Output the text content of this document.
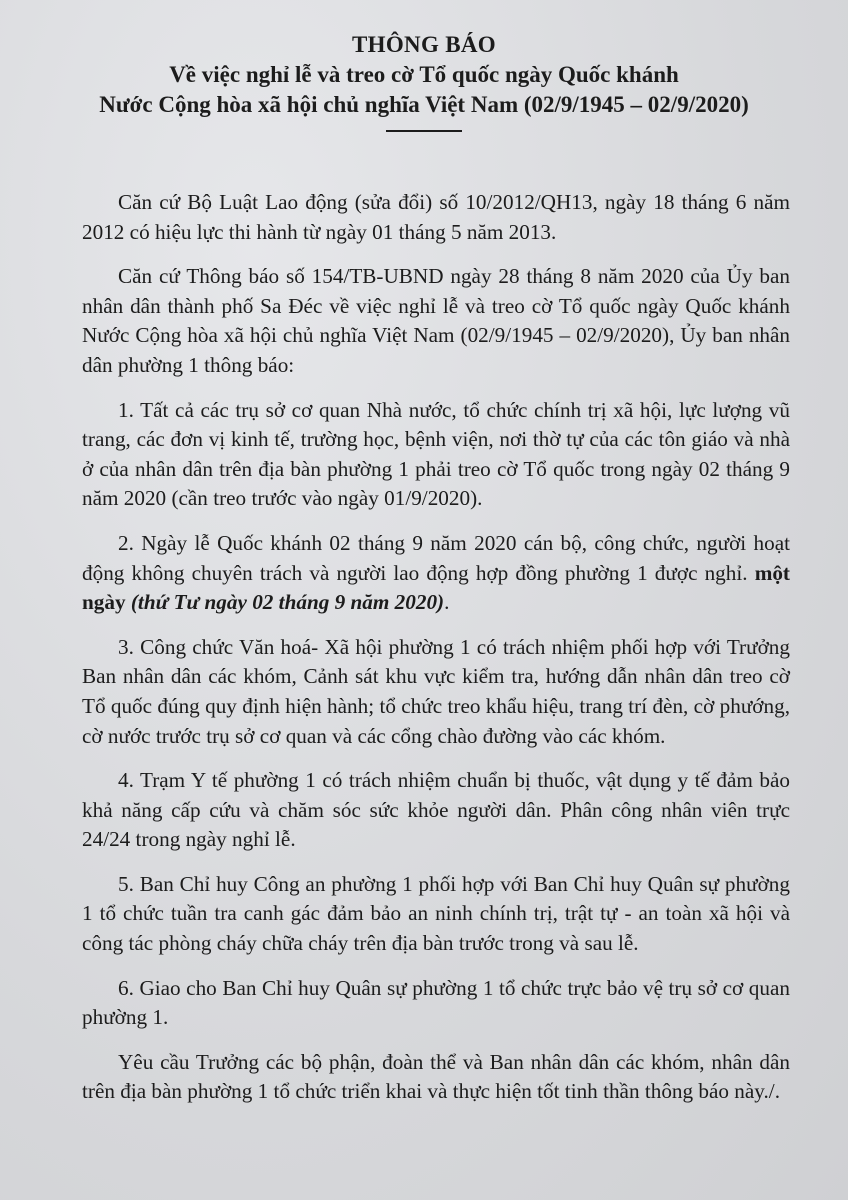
THÔNG BÁO
Về việc nghỉ lễ và treo cờ Tổ quốc ngày Quốc khánh
Nước Cộng hòa xã hội chủ nghĩa Việt Nam (02/9/1945 – 02/9/2020)

Căn cứ Bộ Luật Lao động (sửa đổi) số 10/2012/QH13, ngày 18 tháng 6 năm 2012 có hiệu lực thi hành từ ngày 01 tháng 5 năm 2013.

Căn cứ Thông báo số 154/TB-UBND ngày 28 tháng 8 năm 2020 của Ủy ban nhân dân thành phố Sa Đéc về việc nghỉ lễ và treo cờ Tổ quốc ngày Quốc khánh Nước Cộng hòa xã hội chủ nghĩa Việt Nam (02/9/1945 – 02/9/2020), Ủy ban nhân dân phường 1 thông báo:

1. Tất cả các trụ sở cơ quan Nhà nước, tổ chức chính trị xã hội, lực lượng vũ trang, các đơn vị kinh tế, trường học, bệnh viện, nơi thờ tự của các tôn giáo và nhà ở của nhân dân trên địa bàn phường 1 phải treo cờ Tổ quốc trong ngày 02 tháng 9 năm 2020 (cần treo trước vào ngày 01/9/2020).

2. Ngày lễ Quốc khánh 02 tháng 9 năm 2020 cán bộ, công chức, người hoạt động không chuyên trách và người lao động hợp đồng phường 1 được nghỉ. một ngày (thứ Tư ngày 02 tháng 9 năm 2020).

3. Công chức Văn hoá- Xã hội phường 1 có trách nhiệm phối hợp với Trưởng Ban nhân dân các khóm, Cảnh sát khu vực kiểm tra, hướng dẫn nhân dân treo cờ Tổ quốc đúng quy định hiện hành; tổ chức treo khẩu hiệu, trang trí đèn, cờ phướng, cờ nước trước trụ sở cơ quan và các cổng chào đường vào các khóm.

4. Trạm Y tế phường 1 có trách nhiệm chuẩn bị thuốc, vật dụng y tế đảm bảo khả năng cấp cứu và chăm sóc sức khỏe người dân. Phân công nhân viên trực 24/24 trong ngày nghỉ lễ.

5. Ban Chỉ huy Công an phường 1 phối hợp với Ban Chỉ huy Quân sự phường 1 tổ chức tuần tra canh gác đảm bảo an ninh chính trị, trật tự - an toàn xã hội và công tác phòng cháy chữa cháy trên địa bàn trước trong và sau lễ.

6. Giao cho Ban Chỉ huy Quân sự phường 1 tổ chức trực bảo vệ trụ sở cơ quan phường 1.

Yêu cầu Trưởng các bộ phận, đoàn thể và Ban nhân dân các khóm, nhân dân trên địa bàn phường 1 tổ chức triển khai và thực hiện tốt tinh thần thông báo này./.
